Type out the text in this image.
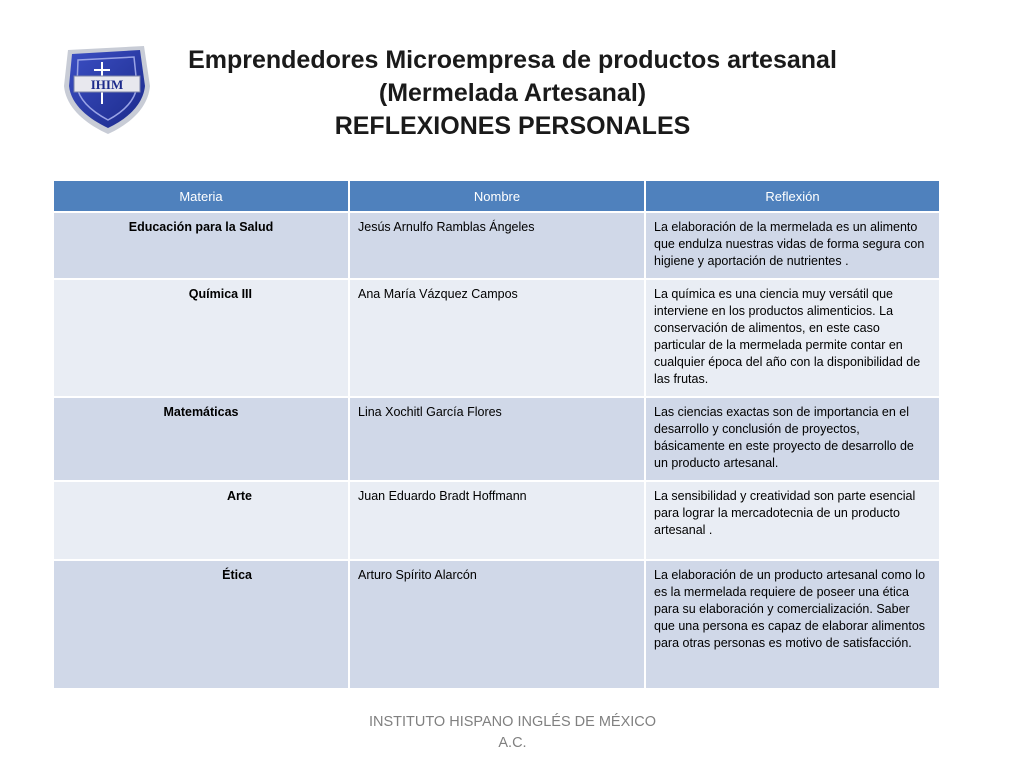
IHIM
Emprendedores Microempresa de productos artesanal
(Mermelada Artesanal)
REFLEXIONES PERSONALES
Materia	Nombre	Reflexión
Educación para la Salud	Jesús Arnulfo Ramblas Ángeles	La elaboración de la mermelada es un alimento que endulza nuestras vidas de forma segura con higiene y aportación de nutrientes .
Química III	Ana María Vázquez Campos	La química es una ciencia muy versátil que interviene en los productos alimenticios. La conservación de alimentos, en este caso particular de la mermelada permite contar en cualquier época del año con la disponibilidad de las frutas.
Matemáticas	Lina Xochitl García Flores	Las ciencias exactas son de importancia en el desarrollo y conclusión de proyectos, básicamente en este proyecto de desarrollo de un producto artesanal.
Arte	Juan Eduardo Bradt Hoffmann	La sensibilidad y creatividad son parte esencial para lograr la mercadotecnia de un producto artesanal .
Ética	Arturo Spírito Alarcón	La elaboración de un producto artesanal como lo es la mermelada requiere de poseer una ética para su elaboración y comercialización. Saber que una persona es capaz de elaborar alimentos para otras personas es motivo de satisfacción.
INSTITUTO HISPANO INGLÉS DE MÉXICO
A.C.
